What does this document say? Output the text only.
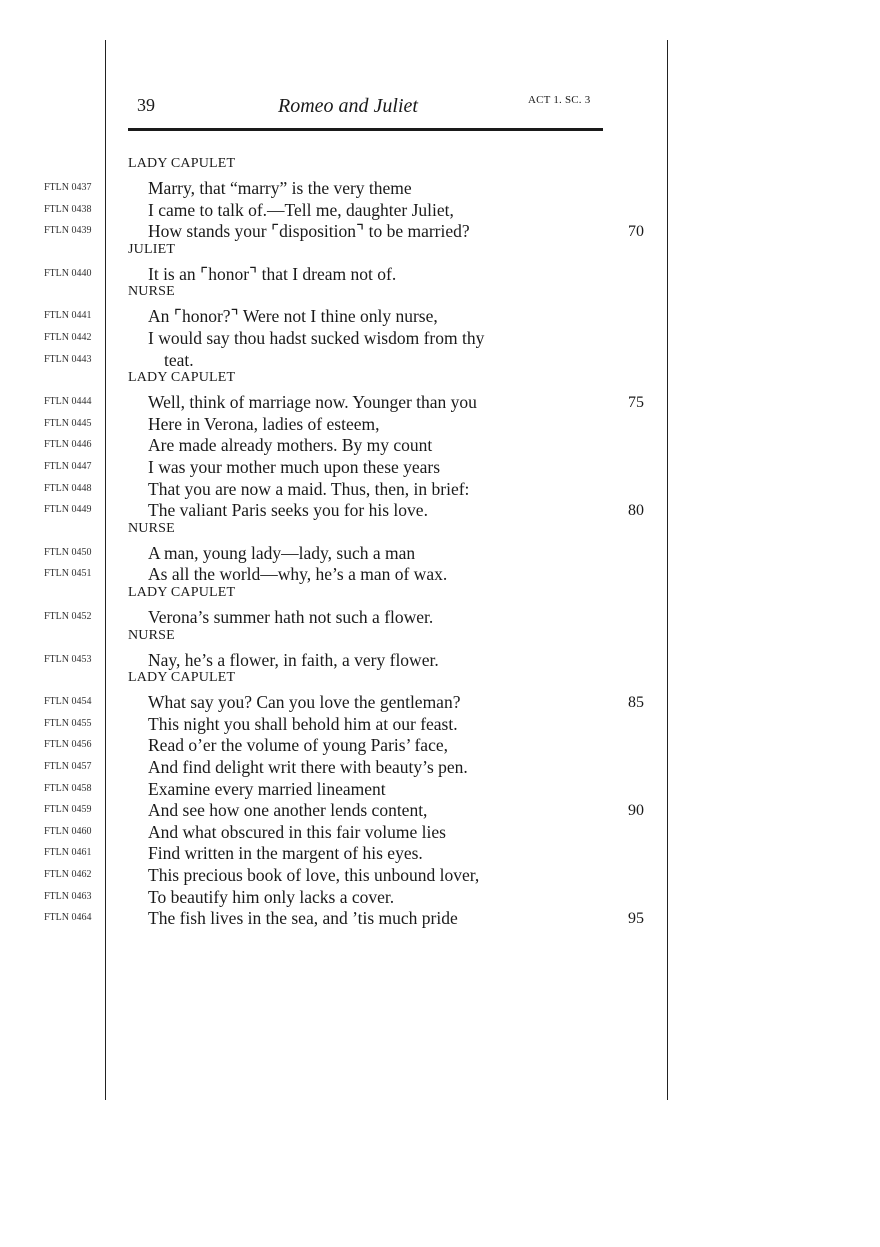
39	Romeo and Juliet	ACT 1. SC. 3
LADY CAPULET
FTLN 0437	Marry, that “marry” is the very theme
FTLN 0438	I came to talk of.—Tell me, daughter Juliet,
FTLN 0439	How stands your ⌜disposition⌝ to be married?	70
JULIET
FTLN 0440	It is an ⌜honor⌝ that I dream not of.
NURSE
FTLN 0441	An ⌜honor?⌝ Were not I thine only nurse,
FTLN 0442	I would say thou hadst sucked wisdom from thy
FTLN 0443	teat.
LADY CAPULET
FTLN 0444	Well, think of marriage now. Younger than you	75
FTLN 0445	Here in Verona, ladies of esteem,
FTLN 0446	Are made already mothers. By my count
FTLN 0447	I was your mother much upon these years
FTLN 0448	That you are now a maid. Thus, then, in brief:
FTLN 0449	The valiant Paris seeks you for his love.	80
NURSE
FTLN 0450	A man, young lady—lady, such a man
FTLN 0451	As all the world—why, he’s a man of wax.
LADY CAPULET
FTLN 0452	Verona’s summer hath not such a flower.
NURSE
FTLN 0453	Nay, he’s a flower, in faith, a very flower.
LADY CAPULET
FTLN 0454	What say you? Can you love the gentleman?	85
FTLN 0455	This night you shall behold him at our feast.
FTLN 0456	Read o’er the volume of young Paris’ face,
FTLN 0457	And find delight writ there with beauty’s pen.
FTLN 0458	Examine every married lineament
FTLN 0459	And see how one another lends content,	90
FTLN 0460	And what obscured in this fair volume lies
FTLN 0461	Find written in the margent of his eyes.
FTLN 0462	This precious book of love, this unbound lover,
FTLN 0463	To beautify him only lacks a cover.
FTLN 0464	The fish lives in the sea, and ’tis much pride	95
